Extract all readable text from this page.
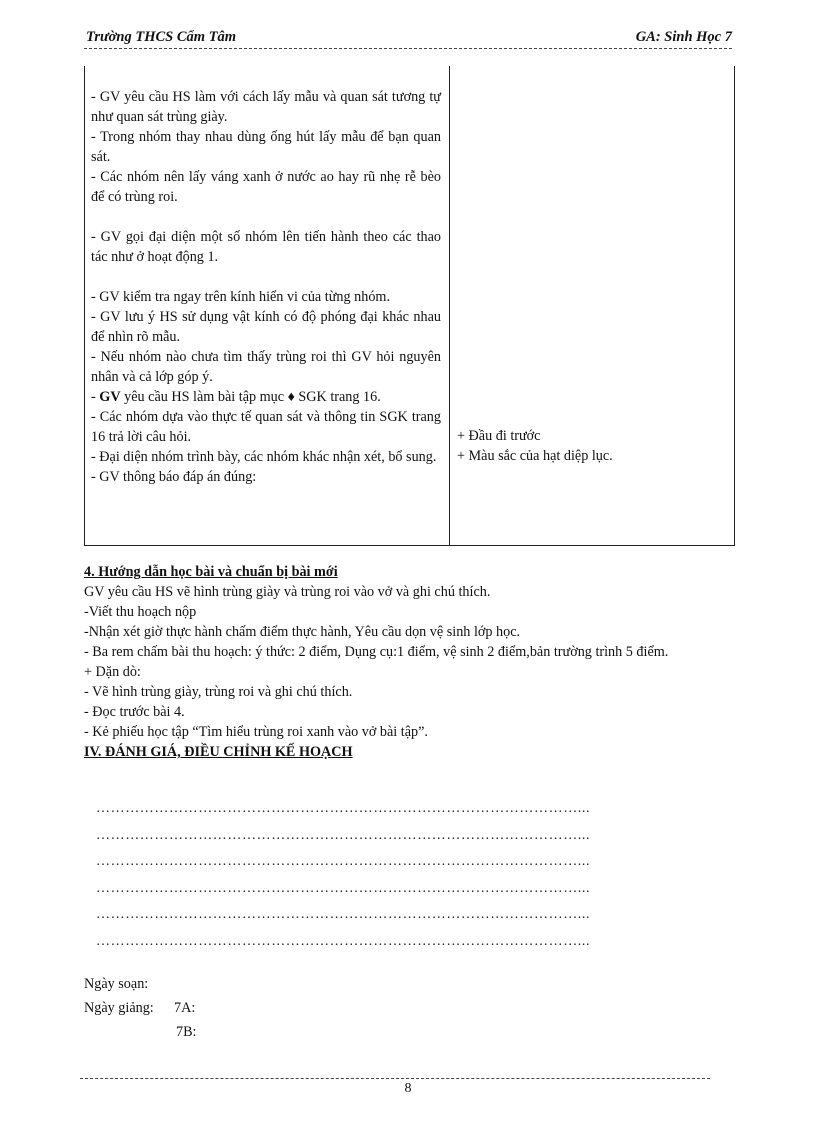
Trường THCS Cẩm Tâm	GA: Sinh Học 7

- GV yêu cầu HS làm với cách lấy mẫu và quan sát tương tự như quan sát trùng giày.

- Trong nhóm thay nhau dùng ống hút lấy mẫu để bạn quan sát.

- Các nhóm nên lấy váng xanh ở nước ao hay rũ nhẹ rễ bèo để có trùng roi.

- GV gọi đại diện một số nhóm lên tiến hành theo các thao tác như ở hoạt động 1.

- GV kiểm tra ngay trên kính hiển vi của từng nhóm.

- GV lưu ý HS sử dụng vật kính có độ phóng đại khác nhau để nhìn rõ mẫu.

- Nếu nhóm nào chưa tìm thấy trùng roi thì GV hỏi nguyên nhân và cả lớp góp ý.

- GV yêu cầu HS làm bài tập mục ♦ SGK trang 16.

- Các nhóm dựa vào thực tế quan sát và thông tin SGK trang 16 trả lời câu hỏi.

- Đại diện nhóm trình bày, các nhóm khác nhận xét, bổ sung.

- GV thông báo đáp án đúng:

+ Đầu đi trước
+ Màu sắc của hạt diệp lục.

4. Hướng dẫn học bài và chuẩn bị bài mới

GV yêu cầu HS vẽ hình trùng giày và trùng roi vào vở và ghi chú thích.

-Viết thu hoạch nộp

-Nhận xét giờ thực hành chấm điểm thực hành, Yêu cầu dọn vệ sinh lớp học.

- Ba rem chấm bài thu hoạch: ý thức: 2 điểm, Dụng cụ:1 điểm, vệ sinh 2 điểm,bản trường trình 5 điểm.

+ Dặn dò:

- Vẽ hình trùng giày, trùng roi và ghi chú thích.

- Đọc trước bài 4.

- Kẻ phiếu học tập “Tìm hiểu trùng roi xanh vào vở bài tập”.

IV. ĐÁNH GIÁ, ĐIỀU CHỈNH KẾ HOẠCH

………………………………………………………………………………………...
………………………………………………………………………………………...
………………………………………………………………………………………...
………………………………………………………………………………………...
………………………………………………………………………………………...
………………………………………………………………………………………...
Ngày soạn:
Ngày giảng: 7A:
7B:
8
